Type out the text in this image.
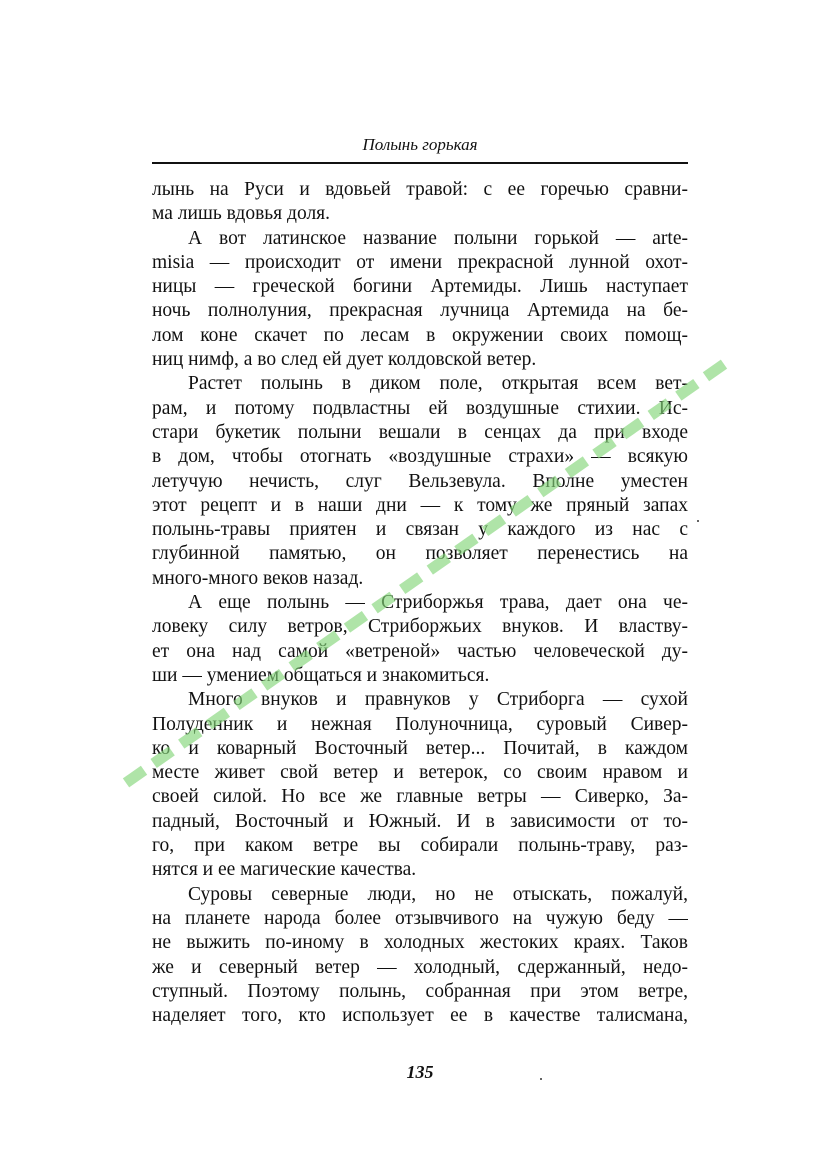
Полынь горькая
лынь на Руси и вдовьей травой: с ее горечью сравни-
ма лишь вдовья доля.
А вот латинское название полыни горькой — arte-
misia — происходит от имени прекрасной лунной охот-
ницы — греческой богини Артемиды. Лишь наступает
ночь полнолуния, прекрасная лучница Артемида на бе-
лом коне скачет по лесам в окружении своих помощ-
ниц нимф, а во след ей дует колдовской ветер.
Растет полынь в диком поле, открытая всем вет-
рам, и потому подвластны ей воздушные стихии. Ис-
стари букетик полыни вешали в сенцах да при входе
в дом, чтобы отогнать «воздушные страхи» — всякую
летучую нечисть, слуг Вельзевула. Вполне уместен
этот рецепт и в наши дни — к тому же пряный запах
полынь-травы приятен и связан у каждого из нас с
глубинной памятью, он позволяет перенестись на
много-много веков назад.
А еще полынь — Стриборжья трава, дает она че-
ловеку силу ветров, Стриборжьих внуков. И властву-
ет она над самой «ветреной» частью человеческой ду-
ши — умением общаться и знакомиться.
Много внуков и правнуков у Стриборга — сухой
Полуденник и нежная Полуночница, суровый Сивер-
ко и коварный Восточный ветер... Почитай, в каждом
месте живет свой ветер и ветерок, со своим нравом и
своей силой. Но все же главные ветры — Сиверко, За-
падный, Восточный и Южный. И в зависимости от то-
го, при каком ветре вы собирали полынь-траву, раз-
нятся и ее магические качества.
Суровы северные люди, но не отыскать, пожалуй,
на планете народа более отзывчивого на чужую беду —
не выжить по-иному в холодных жестоких краях. Таков
же и северный ветер — холодный, сдержанный, недо-
ступный. Поэтому полынь, собранная при этом ветре,
наделяет того, кто использует ее в качестве талисмана,
135
